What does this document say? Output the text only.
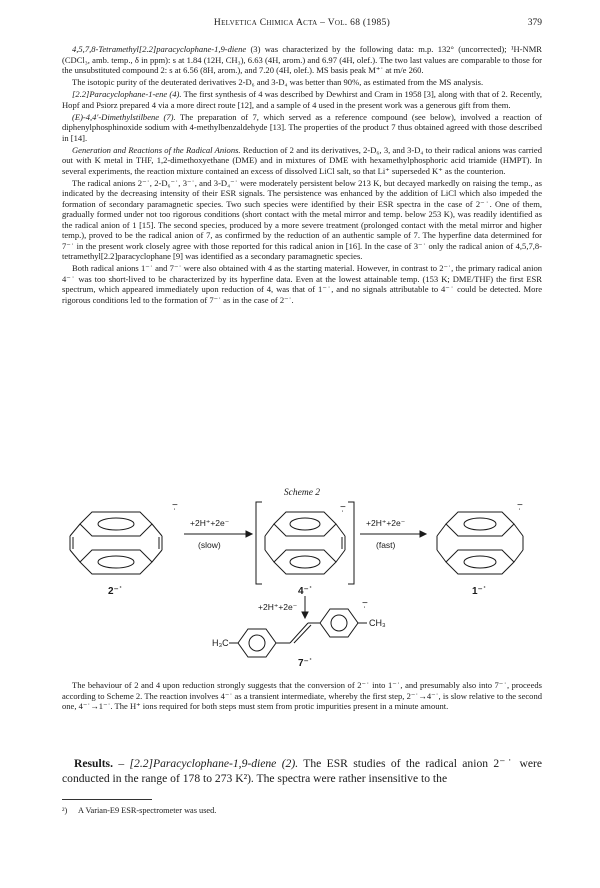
Helvetica Chimica Acta – Vol. 68 (1985)	379

4,5,7,8-Tetramethyl[2.2]paracyclophane-1,9-diene (3) was characterized by the following data: m.p. 132° (uncorrected); ¹H-NMR (CDCl₃, amb. temp., δ in ppm): s at 1.84 (12H, CH₃), 6.63 (4H, arom.) and 6.97 (4H, olef.). The two last values are comparable to those for the unsubstituted compound 2: s at 6.56 (8H, arom.), and 7.20 (4H, olef.). MS basis peak M⁺˙ at m/e 260.

The isotopic purity of the deuterated derivatives 2-D₆ and 3-D₄ was better than 90%, as estimated from the MS analysis.

[2.2]Paracyclophane-1-ene (4). The first synthesis of 4 was described by Dewhirst and Cram in 1958 [3], along with that of 2. Recently, Hopf and Psiorz prepared 4 via a more direct route [12], and a sample of 4 used in the present work was a generous gift from them.

(E)-4,4′-Dimethylstilbene (7). The preparation of 7, which served as a reference compound (see below), involved a reaction of diphenylphosphinoxide sodium with 4-methylbenzaldehyde [13]. The properties of the product 7 thus obtained agreed with those described in [14].

Generation and Reactions of the Radical Anions. Reduction of 2 and its derivatives, 2-D₆, 3, and 3-D₄ to their radical anions was carried out with K metal in THF, 1,2-dimethoxyethane (DME) and in mixtures of DME with hexamethylphosphoric acid triamide (HMPT). In several experiments, the reaction mixture contained an excess of dissolved LiCl salt, so that Li⁺ superseded K⁺ as the counterion.

The radical anions 2⁻˙, 2-D₆⁻˙, 3⁻˙, and 3-D₄⁻˙ were moderately persistent below 213 K, but decayed markedly on raising the temp., as indicated by the decreasing intensity of their ESR signals. The persistence was enhanced by the addition of LiCl which also impeded the formation of secondary paramagnetic species. Two such species were identified by their ESR spectra in the case of 2⁻˙. One of them, gradually formed under not too rigorous conditions (short contact with the metal mirror and temp. below 253 K), was readily identified as the radical anion of 1 [15]. The second species, produced by a more severe treatment (prolonged contact with the metal mirror and higher temp.), proved to be the radical anion of 7, as confirmed by the reduction of an authentic sample of 7. The hyperfine data determined for 7⁻˙ in the present work closely agree with those reported for this radical anion in [16]. In the case of 3⁻˙ only the radical anion of 4,5,7,8-tetramethyl[2.2]paracyclophane [9] was identified as a secondary paramagnetic species.

Both radical anions 1⁻˙ and 7⁻˙ were also obtained with 4 as the starting material. However, in contrast to 2⁻˙, the primary radical anion 4⁻˙ was too short-lived to be characterized by its hyperfine data. Even at the lowest attainable temp. (153 K; DME/THF) the first ESR spectrum, which appeared immediately upon reduction of 4, was that of 1⁻˙, and no signals attributable to 4⁻˙ could be detected. More rigorous conditions led to the formation of 7⁻˙ as in the case of 2⁻˙.

Scheme 2
−̣
2⁻˙
+2H⁺+2e⁻
(slow)
−̣
4⁻˙
+2H⁺+2e⁻
(fast)
−̣
1⁻˙
+2H⁺+2e⁻
H₃C
CH₃
−̣
7⁻˙

The behaviour of 2 and 4 upon reduction strongly suggests that the conversion of 2⁻˙ into 1⁻˙, and presumably also into 7⁻˙, proceeds according to Scheme 2. The reaction involves 4⁻˙ as a transient intermediate, whereby the first step, 2⁻˙→4⁻˙, is slow relative to the second one, 4⁻˙→1⁻˙. The H⁺ ions required for both steps must stem from protic impurities present in a minute amount.

Results. – [2.2]Paracyclophane-1,9-diene (2). The ESR studies of the radical anion 2⁻˙ were conducted in the range of 178 to 273 K²). The spectra were rather insensitive to the

²) A Varian-E9 ESR-spectrometer was used.
